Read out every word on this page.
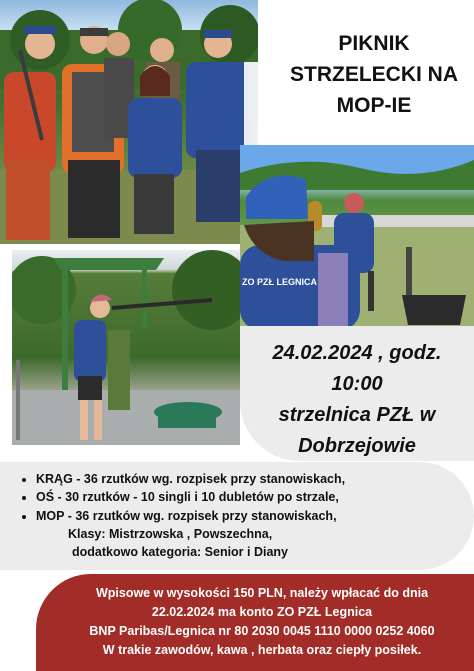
PIKNIK
STRZELECKI NA
MOP-IE
ZO PZŁ LEGNICA
24.02.2024 , godz.
10:00
strzelnica PZŁ w
Dobrzejowie
• KRĄG - 36 rzutków wg. rozpisek przy stanowiskach,
• OŚ - 30 rzutków - 10 singli i 10 dubletów po strzale,
• MOP - 36 rzutków wg. rozpisek przy stanowiskach,
Klasy: Mistrzowska , Powszechna,
dodatkowo kategoria: Senior i Diany
Wpisowe w wysokości 150 PLN, należy wpłacać do dnia
22.02.2024 ma konto ZO PZŁ Legnica
BNP Paribas/Legnica nr 80 2030 0045 1110 0000 0252 4060
W trakie zawodów, kawa , herbata oraz ciepły posiłek.
